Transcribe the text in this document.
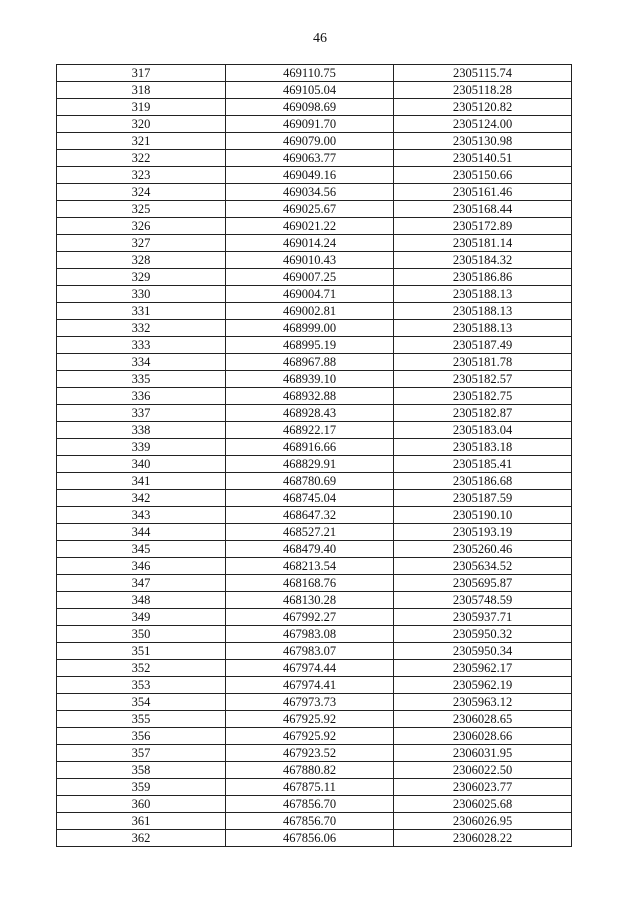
46
317	469110.75	2305115.74
318	469105.04	2305118.28
319	469098.69	2305120.82
320	469091.70	2305124.00
321	469079.00	2305130.98
322	469063.77	2305140.51
323	469049.16	2305150.66
324	469034.56	2305161.46
325	469025.67	2305168.44
326	469021.22	2305172.89
327	469014.24	2305181.14
328	469010.43	2305184.32
329	469007.25	2305186.86
330	469004.71	2305188.13
331	469002.81	2305188.13
332	468999.00	2305188.13
333	468995.19	2305187.49
334	468967.88	2305181.78
335	468939.10	2305182.57
336	468932.88	2305182.75
337	468928.43	2305182.87
338	468922.17	2305183.04
339	468916.66	2305183.18
340	468829.91	2305185.41
341	468780.69	2305186.68
342	468745.04	2305187.59
343	468647.32	2305190.10
344	468527.21	2305193.19
345	468479.40	2305260.46
346	468213.54	2305634.52
347	468168.76	2305695.87
348	468130.28	2305748.59
349	467992.27	2305937.71
350	467983.08	2305950.32
351	467983.07	2305950.34
352	467974.44	2305962.17
353	467974.41	2305962.19
354	467973.73	2305963.12
355	467925.92	2306028.65
356	467925.92	2306028.66
357	467923.52	2306031.95
358	467880.82	2306022.50
359	467875.11	2306023.77
360	467856.70	2306025.68
361	467856.70	2306026.95
362	467856.06	2306028.22
